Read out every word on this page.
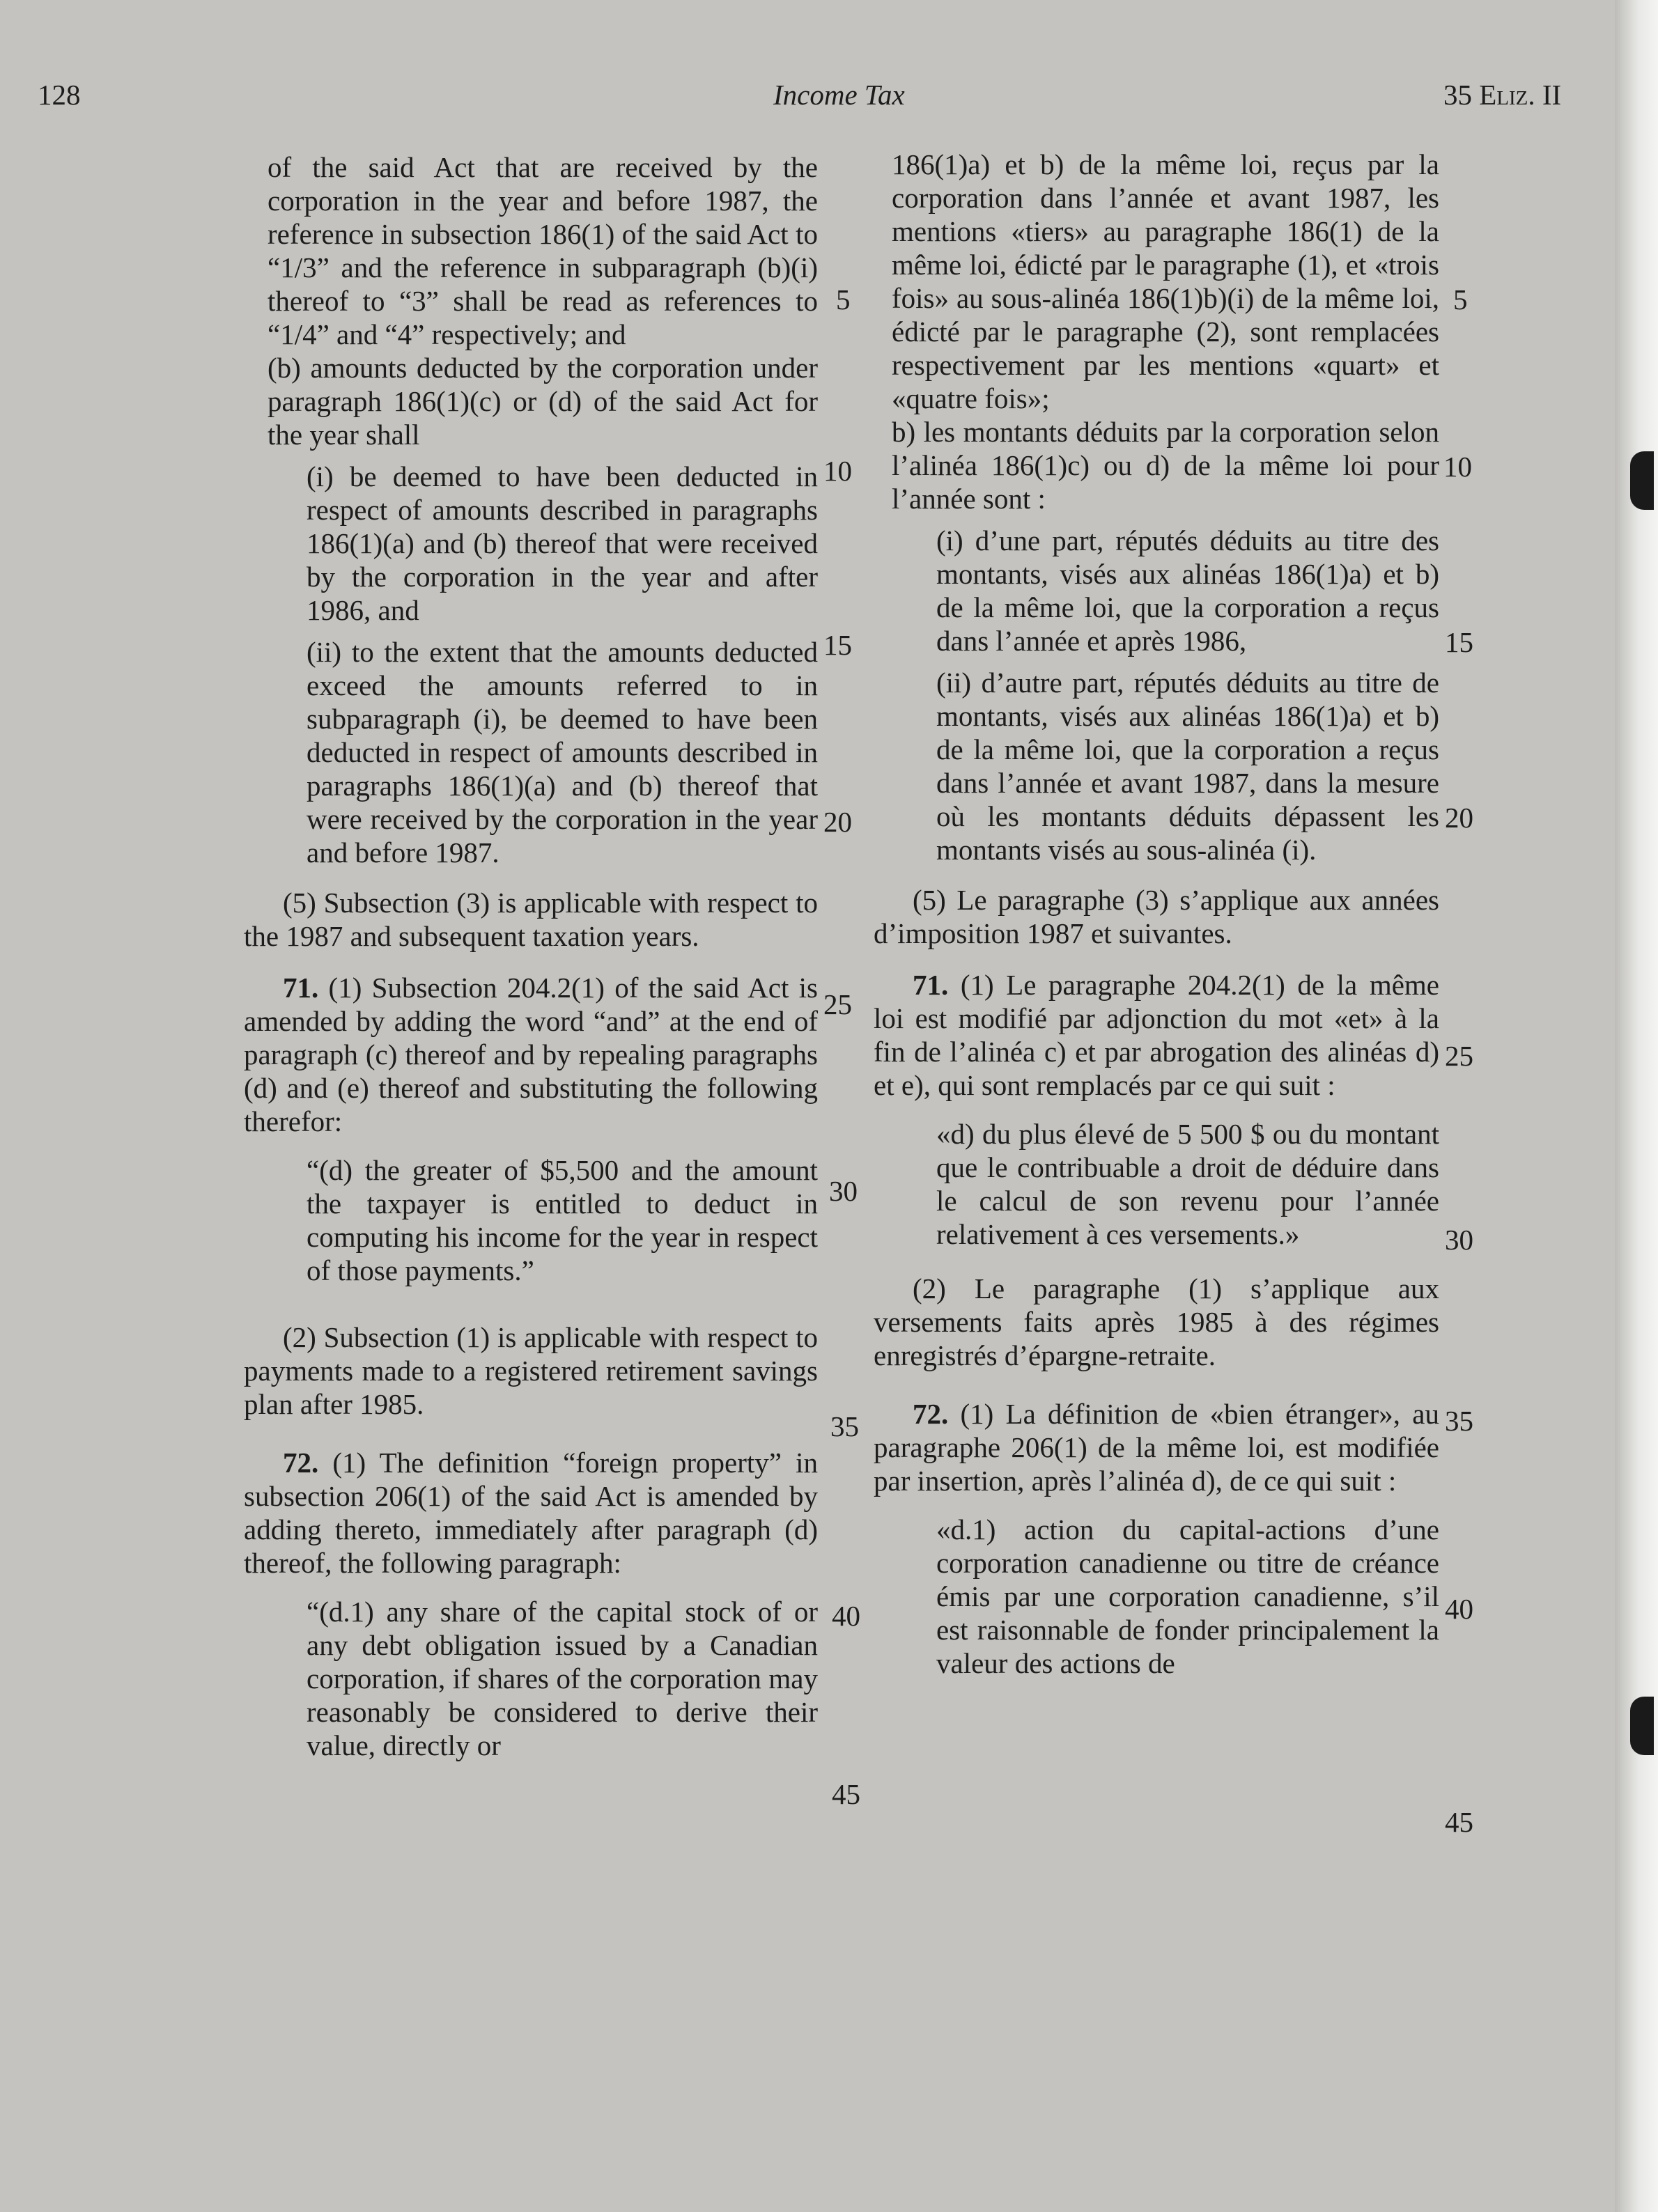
128	Income Tax	35 Eliz. II

of the said Act that are received by the corporation in the year and before 1987, the reference in subsection 186(1) of the said Act to “1/3” and the reference in subparagraph (b)(i) thereof to “3” shall be read as references to “1/4” and “4” respectively; and

(b) amounts deducted by the corporation under paragraph 186(1)(c) or (d) of the said Act for the year shall

(i) be deemed to have been deducted in respect of amounts described in paragraphs 186(1)(a) and (b) thereof that were received by the corporation in the year and after 1986, and

(ii) to the extent that the amounts deducted exceed the amounts referred to in subparagraph (i), be deemed to have been deducted in respect of amounts described in paragraphs 186(1)(a) and (b) thereof that were received by the corporation in the year and before 1987.

(5) Subsection (3) is applicable with respect to the 1987 and subsequent taxation years.

71. (1) Subsection 204.2(1) of the said Act is amended by adding the word “and” at the end of paragraph (c) thereof and by repealing paragraphs (d) and (e) thereof and substituting the following therefor:

“(d) the greater of $5,500 and the amount the taxpayer is entitled to deduct in computing his income for the year in respect of those payments.”

(2) Subsection (1) is applicable with respect to payments made to a registered retirement savings plan after 1985.

72. (1) The definition “foreign property” in subsection 206(1) of the said Act is amended by adding thereto, immediately after paragraph (d) thereof, the following paragraph:

“(d.1) any share of the capital stock of or any debt obligation issued by a Canadian corporation, if shares of the corporation may reasonably be considered to derive their value, directly or

186(1)a) et b) de la même loi, reçus par la corporation dans l’année et avant 1987, les mentions «tiers» au paragraphe 186(1) de la même loi, édicté par le paragraphe (1), et «trois fois» au sous-alinéa 186(1)b)(i) de la même loi, édicté par le paragraphe (2), sont remplacées respectivement par les mentions «quart» et «quatre fois»;

b) les montants déduits par la corporation selon l’alinéa 186(1)c) ou d) de la même loi pour l’année sont :

(i) d’une part, réputés déduits au titre des montants, visés aux alinéas 186(1)a) et b) de la même loi, que la corporation a reçus dans l’année et après 1986,

(ii) d’autre part, réputés déduits au titre de montants, visés aux alinéas 186(1)a) et b) de la même loi, que la corporation a reçus dans l’année et avant 1987, dans la mesure où les montants déduits dépassent les montants visés au sous-alinéa (i).

(5) Le paragraphe (3) s’applique aux années d’imposition 1987 et suivantes.

71. (1) Le paragraphe 204.2(1) de la même loi est modifié par adjonction du mot «et» à la fin de l’alinéa c) et par abrogation des alinéas d) et e), qui sont remplacés par ce qui suit :

«d) du plus élevé de 5 500 $ ou du montant que le contribuable a droit de déduire dans le calcul de son revenu pour l’année relativement à ces versements.»

(2) Le paragraphe (1) s’applique aux versements faits après 1985 à des régimes enregistrés d’épargne-retraite.

72. (1) La définition de «bien étranger», au paragraphe 206(1) de la même loi, est modifiée par insertion, après l’alinéa d), de ce qui suit :

«d.1) action du capital-actions d’une corporation canadienne ou titre de créance émis par une corporation canadienne, s’il est raisonnable de fonder principalement la valeur des actions de

5
10
15
20
25
30
35
40
45
5
10
15
20
25
30
35
40
45
